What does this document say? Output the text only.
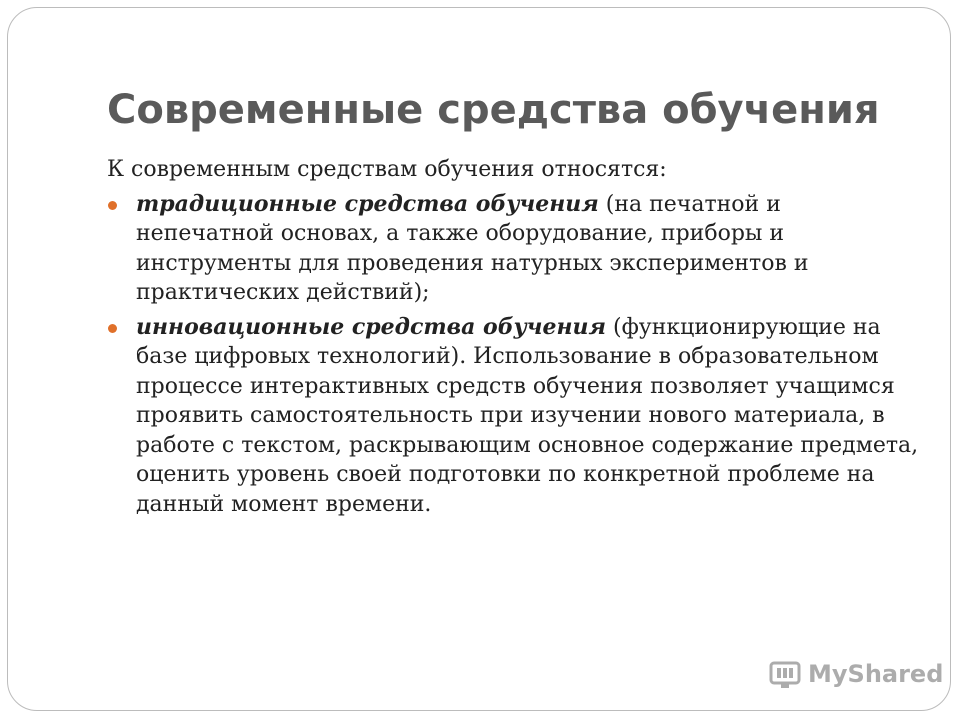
Современные средства обучения

К современным средствам обучения относятся:

традиционные средства обучения (на печатной и непечатной основах, а также оборудование, приборы и инструменты для проведения натурных экспериментов и практических действий);
инновационные средства обучения (функционирующие на базе цифровых технологий). Использование в образовательном процессе интерактивных средств обучения позволяет учащимся проявить самостоятельность при изучении нового материала, в работе с текстом, раскрывающим основное содержание предмета, оценить уровень своей подготовки по конкретной проблеме на данный момент времени.
MyShared
